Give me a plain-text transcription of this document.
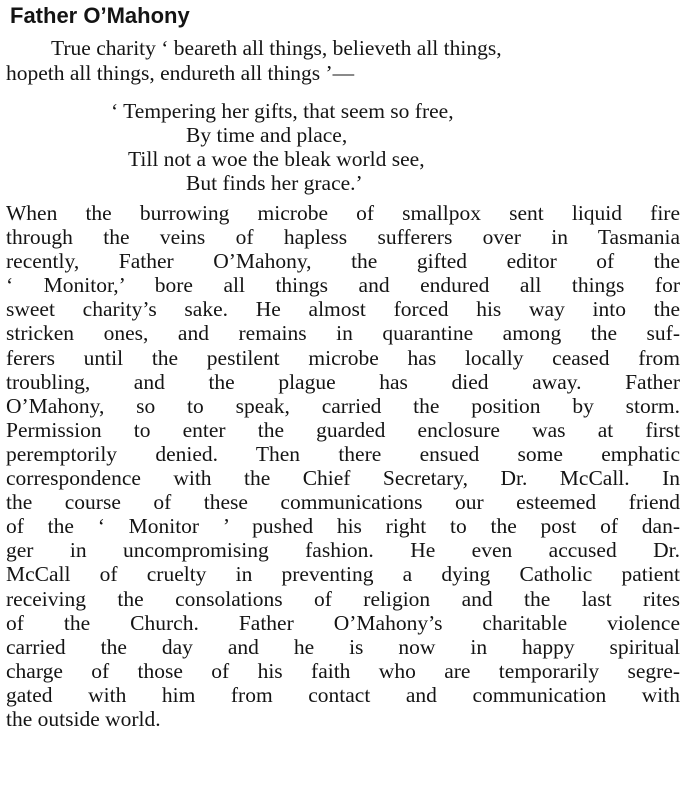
Father O’Mahony

True charity ‘ beareth all things, believeth all things,
hopeth all things, endureth all things ’—

‘ Tempering her gifts, that seem so free,
By time and place,
Till not a woe the bleak world see,
But finds her grace.’
When the burrowing microbe of smallpox sent liquid fire
through the veins of hapless sufferers over in Tasmania
recently, Father O’Mahony, the gifted editor of the
‘ Monitor,’ bore all things and endured all things for
sweet charity’s sake. He almost forced his way into the
stricken ones, and remains in quarantine among the suf-
ferers until the pestilent microbe has locally ceased from
troubling, and the plague has died away. Father
O’Mahony, so to speak, carried the position by storm.
Permission to enter the guarded enclosure was at first
peremptorily denied. Then there ensued some emphatic
correspondence with the Chief Secretary, Dr. McCall. In
the course of these communications our esteemed friend
of the ‘ Monitor ’ pushed his right to the post of dan-
ger in uncompromising fashion. He even accused Dr.
McCall of cruelty in preventing a dying Catholic patient
receiving the consolations of religion and the last rites
of the Church. Father O’Mahony’s charitable violence
carried the day and he is now in happy spiritual
charge of those of his faith who are temporarily segre-
gated with him from contact and communication with
the outside world.
